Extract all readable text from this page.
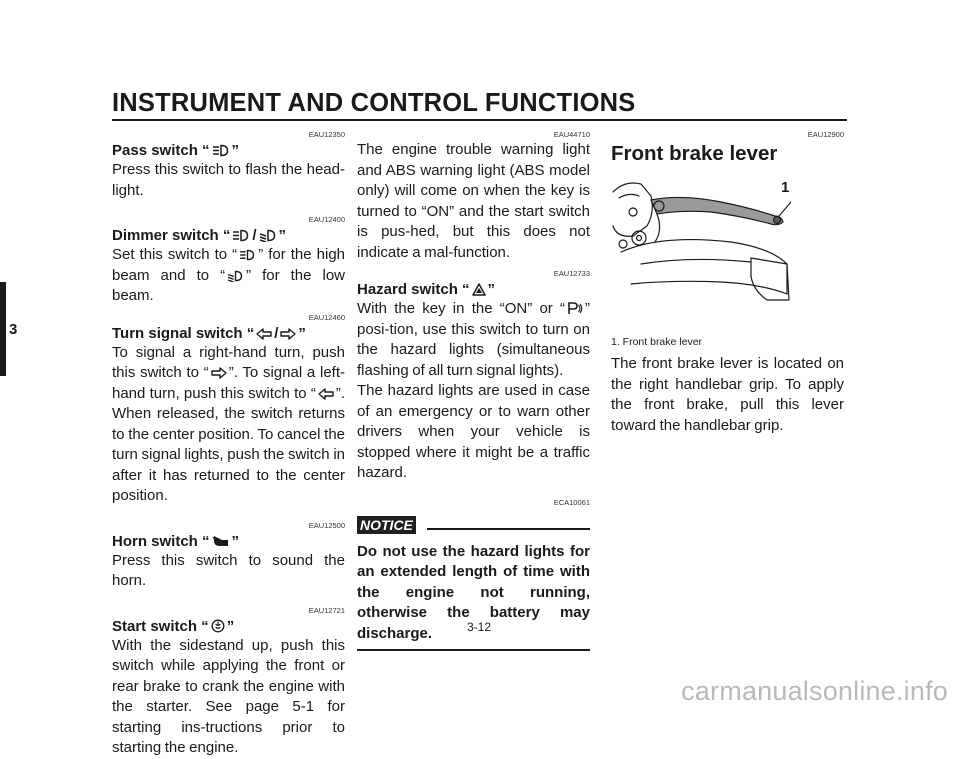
INSTRUMENT AND CONTROL FUNCTIONS
3
EAU12350
Pass switch “ ”
Press this switch to flash the head-light.
EAU12400
Dimmer switch “ / ”
Set this switch to “ ” for the high beam and to “ ” for the low beam.
EAU12460
Turn signal switch “ / ”
To signal a right-hand turn, push this switch to “ ”. To signal a left-hand turn, push this switch to “ ”. When released, the switch returns to the center position. To cancel the turn signal lights, push the switch in after it has returned to the center position.
EAU12500
Horn switch “ ”
Press this switch to sound the horn.
EAU12721
Start switch “ ”
With the sidestand up, push this switch while applying the front or rear brake to crank the engine with the starter. See page 5-1 for starting ins-tructions prior to starting the engine.
EAU44710
The engine trouble warning light and ABS warning light (ABS model only) will come on when the key is turned to “ON” and the start switch is pus-hed, but this does not indicate a mal-function.
EAU12733
Hazard switch “ ”
With the key in the “ON” or “ ” posi-tion, use this switch to turn on the hazard lights (simultaneous flashing of all turn signal lights).
The hazard lights are used in case of an emergency or to warn other drivers when your vehicle is stopped where it might be a traffic hazard.
ECA10061
NOTICE
Do not use the hazard lights for an extended length of time with the engine not running, otherwise the battery may discharge.
EAU12900
Front brake lever
1
1. Front brake lever
The front brake lever is located on the right handlebar grip. To apply the front brake, pull this lever toward the handlebar grip.
3-12
carmanualsonline.info
